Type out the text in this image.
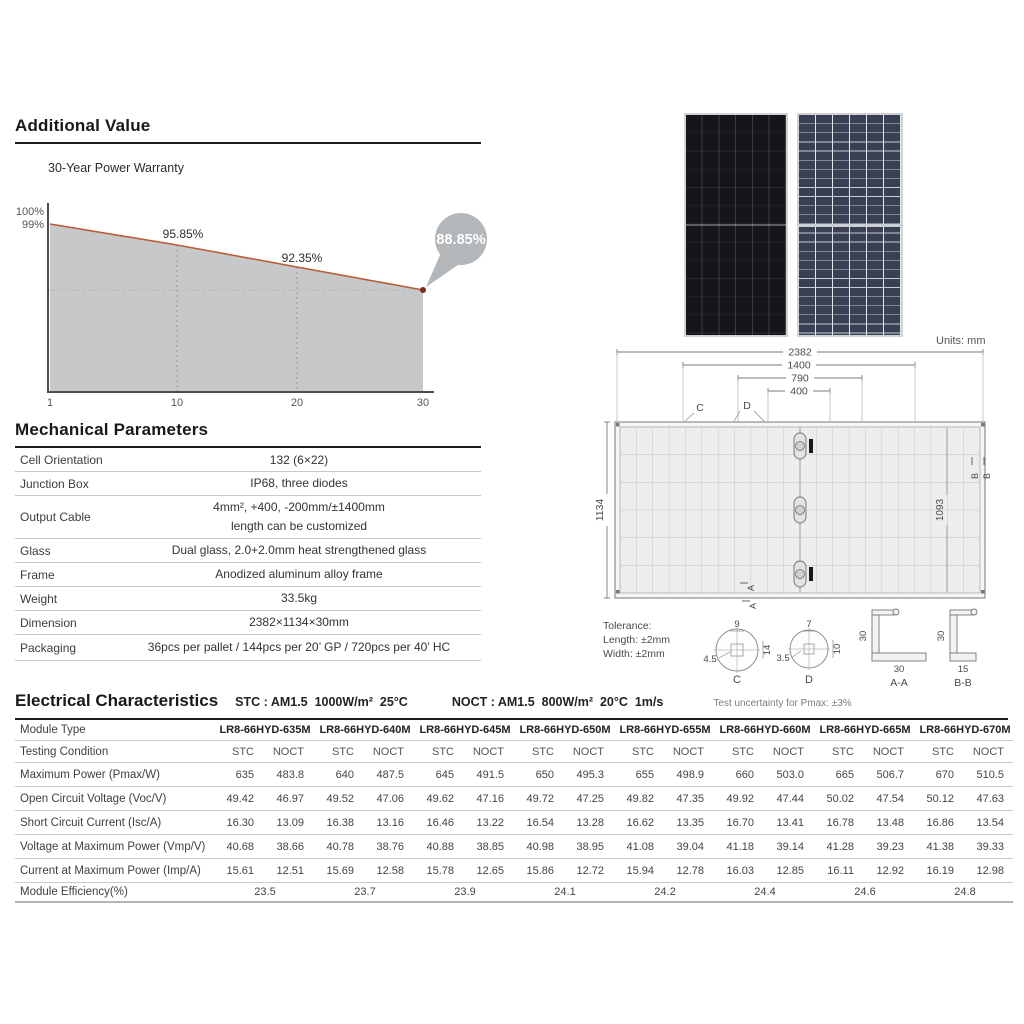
Additional Value
30-Year Power Warranty
100%
99%
1	10	20	30
95.85%
92.35%
88.85%
Mechanical Parameters
Cell Orientation	132 (6×22)
Junction Box	IP68, three diodes
Output Cable
4mm², +400, -200mm/±1400mm
length can be customized
Glass	Dual glass, 2.0+2.0mm heat strengthened glass
Frame	Anodized aluminum alloy frame
Weight	33.5kg
Dimension	2382×1134×30mm
Packaging	36pcs per pallet / 144pcs per 20’ GP / 720pcs per 40’ HC
Units: mm
2382
1400
790
400
C	D
1134	1093
B B
A
A
Tolerance:
Length: ±2mm
Width: ±2mm
9
14
4.5
C
7
10
3.5
D
30
30
A-A
30
15
B-B
Electrical Characteristics STC : AM1.5  1000W/m²  25°C	NOCT : AM1.5  800W/m²  20°C  1m/s	Test uncertainty for Pmax: ±3%
Module Type	LR8-66HYD-635M LR8-66HYD-640M LR8-66HYD-645M LR8-66HYD-650M LR8-66HYD-655M LR8-66HYD-660M LR8-66HYD-665M LR8-66HYD-670M
Testing Condition	STC	NOCT	STC	NOCT	STC	NOCT	STC	NOCT	STC	NOCT	STC	NOCT	STC	NOCT	STC	NOCT
Maximum Power (Pmax/W)	635	483.8	640	487.5	645	491.5	650	495.3	655	498.9	660	503.0	665	506.7	670	510.5
Open Circuit Voltage (Voc/V)	49.42	46.97	49.52	47.06	49.62	47.16	49.72	47.25	49.82	47.35	49.92	47.44	50.02	47.54	50.12	47.63
Short Circuit Current (Isc/A)	16.30	13.09	16.38	13.16	16.46	13.22	16.54	13.28	16.62	13.35	16.70	13.41	16.78	13.48	16.86	13.54
Voltage at Maximum Power (Vmp/V)	40.68	38.66	40.78	38.76	40.88	38.85	40.98	38.95	41.08	39.04	41.18	39.14	41.28	39.23	41.38	39.33
Current at Maximum Power (Imp/A)	15.61	12.51	15.69	12.58	15.78	12.65	15.86	12.72	15.94	12.78	16.03	12.85	16.11	12.92	16.19	12.98
Module Efficiency(%)	23.5	23.7	23.9	24.1	24.2	24.4	24.6	24.8
